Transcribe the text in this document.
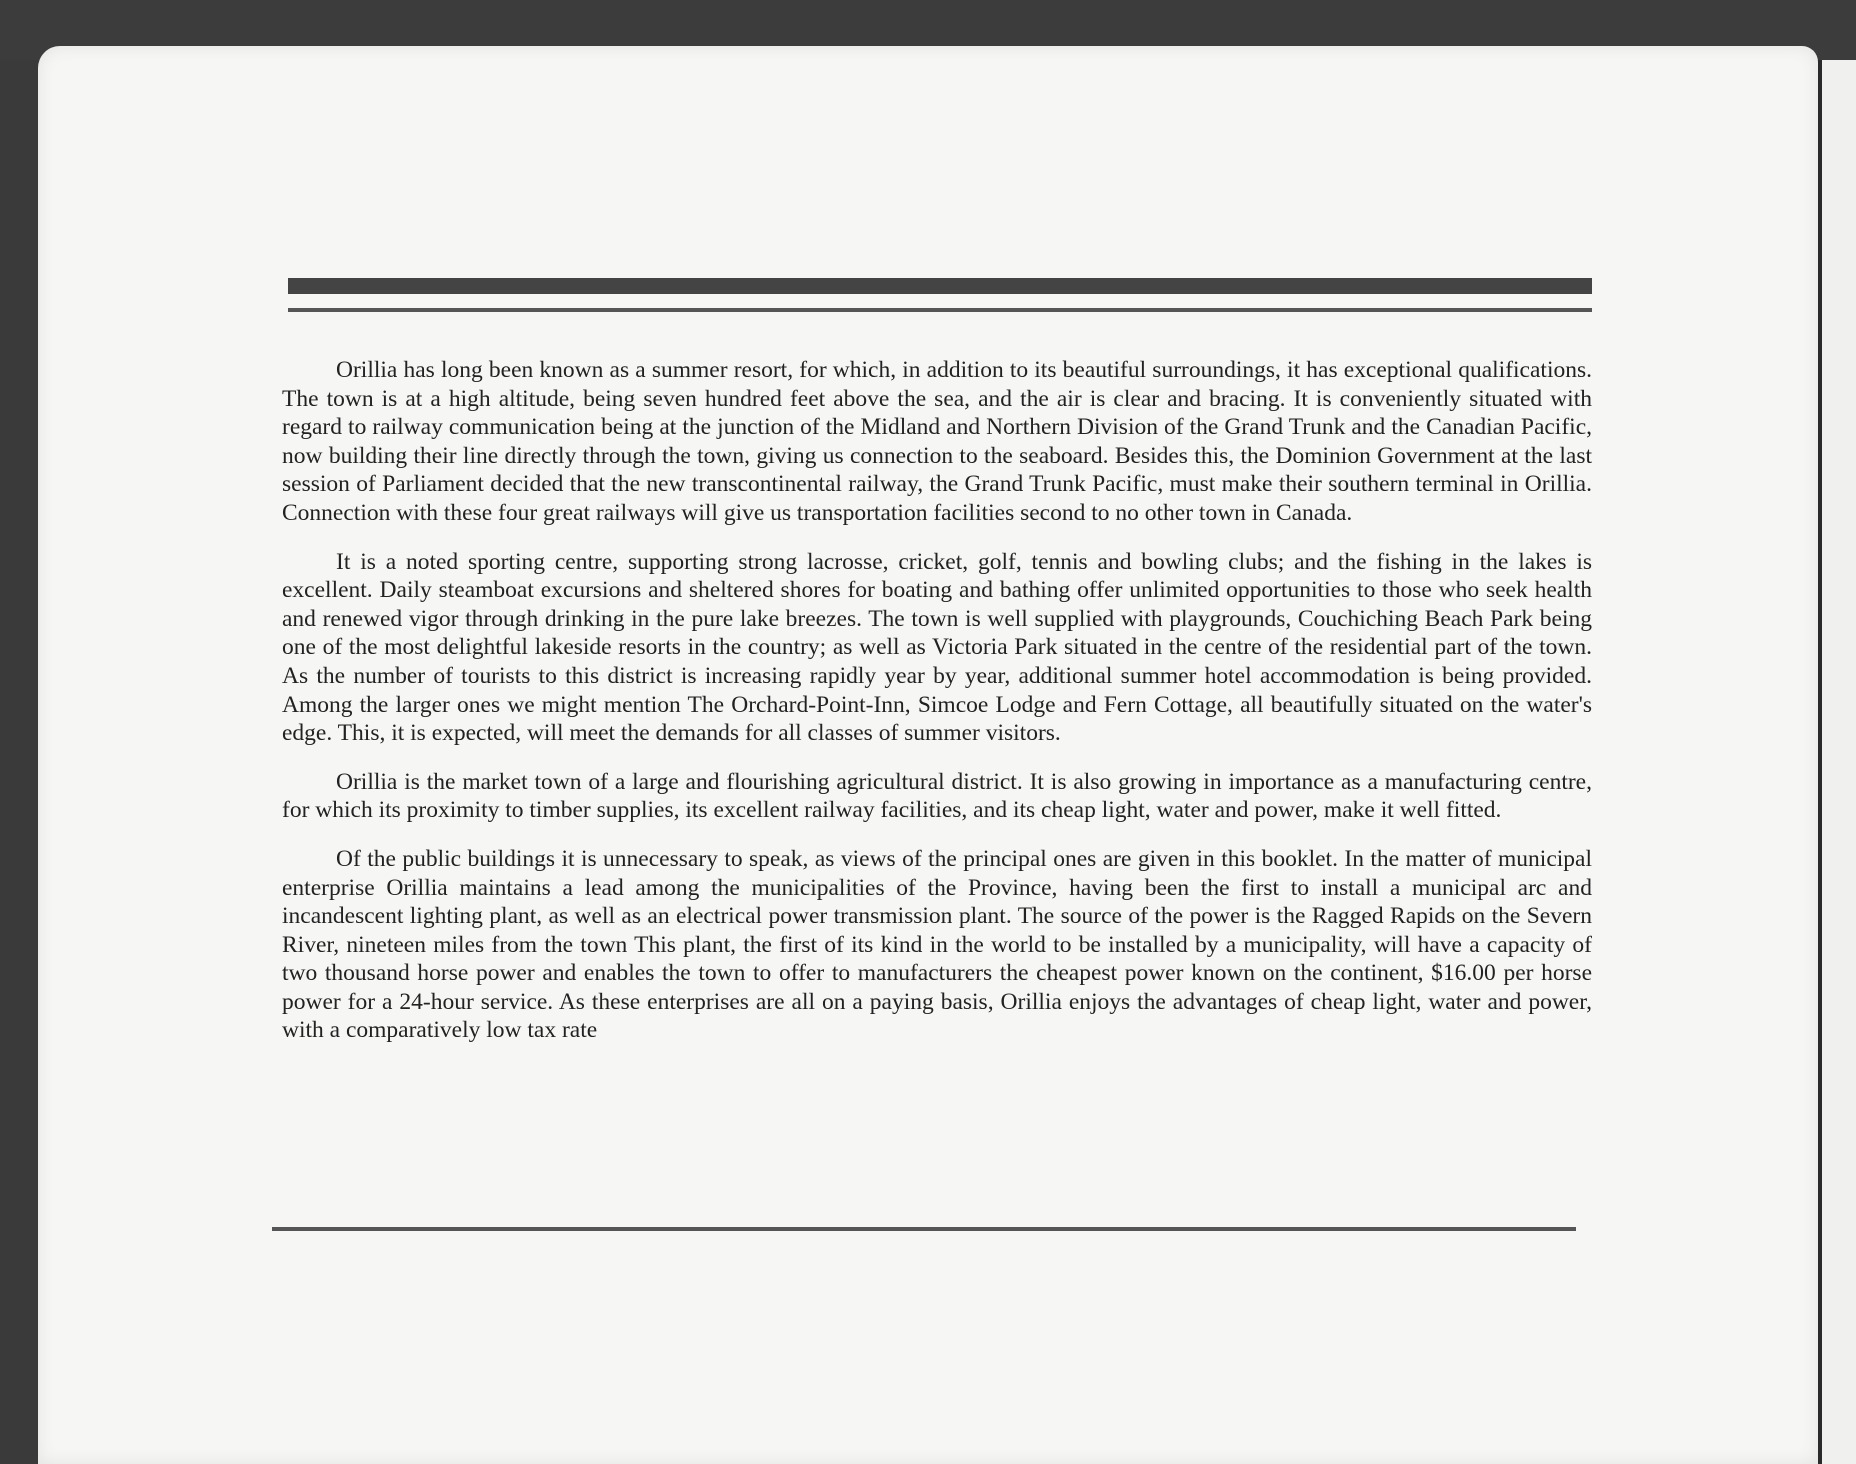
Orillia has long been known as a summer resort, for which, in addition to its beautiful surroundings, it has exceptional qualifications. The town is at a high altitude, being seven hundred feet above the sea, and the air is clear and bracing. It is conveniently situated with regard to railway communication being at the junction of the Midland and Northern Division of the Grand Trunk and the Canadian Pacific, now building their line directly through the town, giving us connection to the seaboard. Besides this, the Dominion Government at the last session of Parliament decided that the new transcontinental railway, the Grand Trunk Pacific, must make their southern terminal in Orillia. Connection with these four great railways will give us transportation facilities second to no other town in Canada.

It is a noted sporting centre, supporting strong lacrosse, cricket, golf, tennis and bowling clubs; and the fishing in the lakes is excellent. Daily steamboat excursions and sheltered shores for boating and bathing offer unlimited opportunities to those who seek health and renewed vigor through drinking in the pure lake breezes. The town is well supplied with playgrounds, Couchiching Beach Park being one of the most delightful lakeside resorts in the country; as well as Victoria Park situated in the centre of the residential part of the town. As the number of tourists to this district is increasing rapidly year by year, additional summer hotel accommodation is being provided. Among the larger ones we might mention The Orchard-Point-Inn, Simcoe Lodge and Fern Cottage, all beautifully situated on the water's edge. This, it is expected, will meet the demands for all classes of summer visitors.

Orillia is the market town of a large and flourishing agricultural district. It is also growing in importance as a manufacturing centre, for which its proximity to timber supplies, its excellent railway facilities, and its cheap light, water and power, make it well fitted.

Of the public buildings it is unnecessary to speak, as views of the principal ones are given in this booklet. In the matter of municipal enterprise Orillia maintains a lead among the municipalities of the Province, having been the first to install a municipal arc and incandescent lighting plant, as well as an electrical power transmission plant. The source of the power is the Ragged Rapids on the Severn River, nineteen miles from the town This plant, the first of its kind in the world to be installed by a municipality, will have a capacity of two thousand horse power and enables the town to offer to manufacturers the cheapest power known on the continent, $16.00 per horse power for a 24-hour service. As these enterprises are all on a paying basis, Orillia enjoys the advantages of cheap light, water and power, with a comparatively low tax rate
